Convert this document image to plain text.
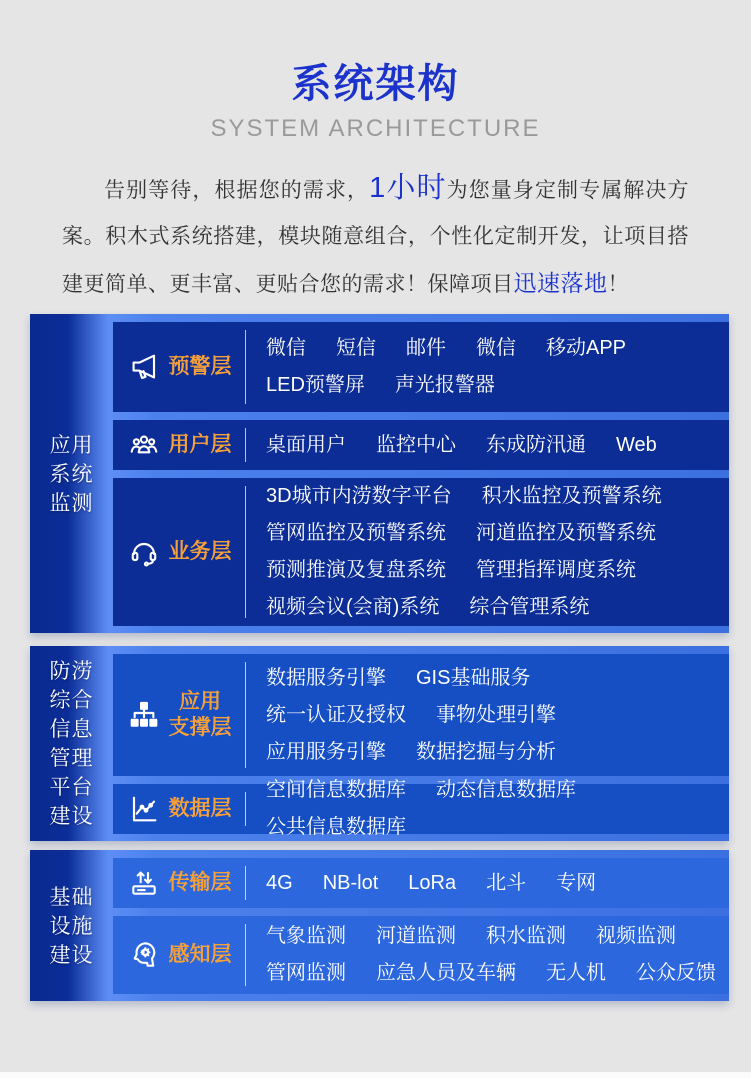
系统架构
SYSTEM ARCHITECTURE

告别等待，根据您的需求，1小时为您量身定制专属解决方案。积木式系统搭建，模块随意组合，个性化定制开发，让项目搭建更简单、更丰富、更贴合您的需求！保障项目迅速落地！

应用
系统
监测
预警层
微信 短信 邮件 微信 移动APP
LED预警屏 声光报警器
用户层 桌面用户 监控中心 东成防汛通 Web
业务层
3D城市内涝数字平台 积水监控及预警系统
管网监控及预警系统 河道监控及预警系统
预测推演及复盘系统 管理指挥调度系统
视频会议(会商)系统 综合管理系统
防涝
综合
信息
管理
平台
建设
应用
支撑层
数据服务引擎 GIS基础服务
统一认证及授权 事物处理引擎
应用服务引擎 数据挖掘与分析
数据层
空间信息数据库 动态信息数据库
公共信息数据库
基础
设施
建设
传输层 4G NB-lot LoRa 北斗 专网
感知层
气象监测 河道监测 积水监测 视频监测
管网监测 应急人员及车辆 无人机 公众反馈
